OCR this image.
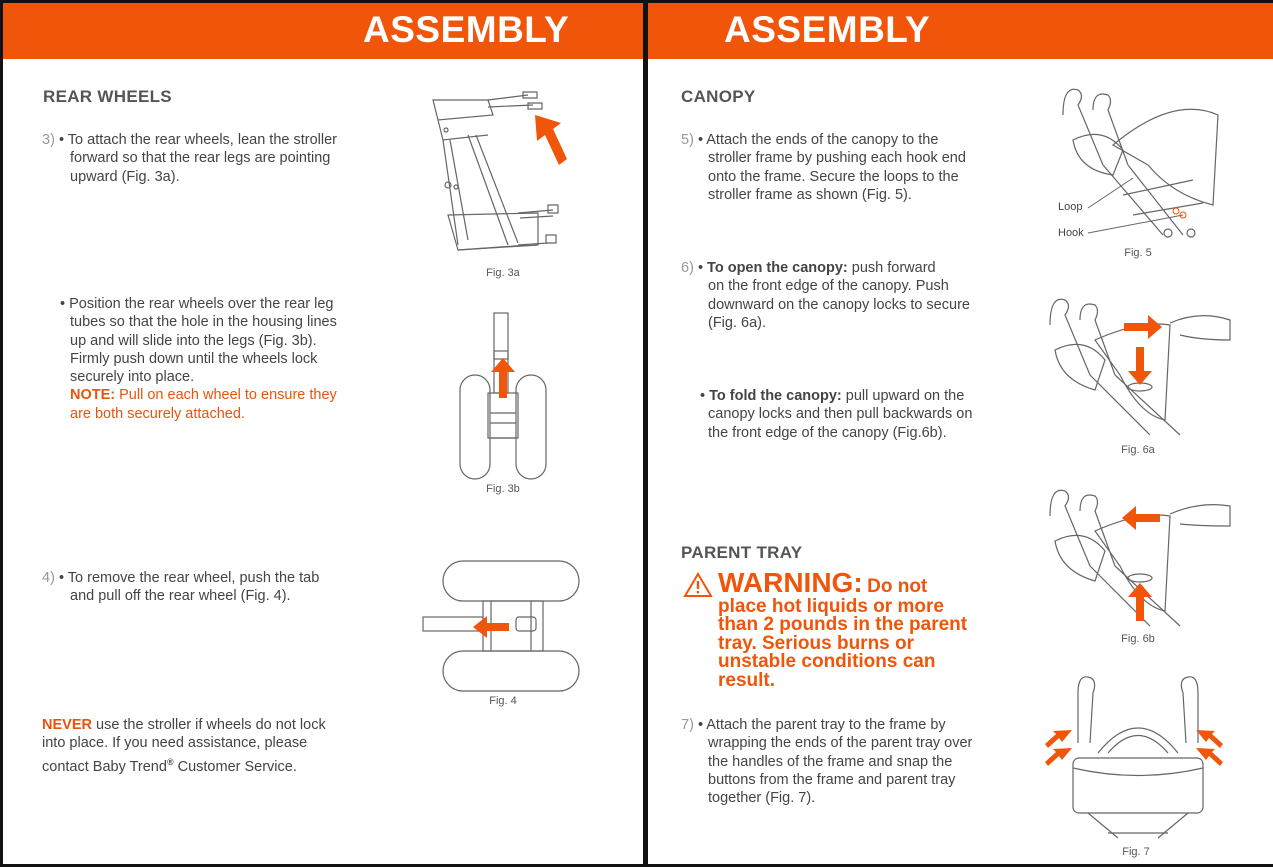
ASSEMBLY
REAR WHEELS
3) • To attach the rear wheels, lean the stroller
forward so that the rear legs are pointing
upward (Fig. 3a).
Fig. 3a
• Position the rear wheels over the rear leg
tubes so that the hole in the housing lines
up and will slide into the legs (Fig. 3b).
Firmly push down until the wheels lock
securely into place.
NOTE: Pull on each wheel to ensure they
are both securely attached.
Fig. 3b
4) • To remove the rear wheel, push the tab
and pull off the rear wheel (Fig. 4).
Fig. 4
NEVER use the stroller if wheels do not lock
into place. If you need assistance, please
contact Baby Trend® Customer Service.
ASSEMBLY
CANOPY
5) • Attach the ends of the canopy to the
stroller frame by pushing each hook end
onto the frame. Secure the loops to the
stroller frame as shown (Fig. 5).
Loop
Hook
Fig. 5
6) • To open the canopy: push forward
on the front edge of the canopy. Push
downward on the canopy locks to secure
(Fig. 6a).
Fig. 6a
• To fold the canopy: pull upward on the
canopy locks and then pull backwards on
the front edge of the canopy (Fig.6b).
Fig. 6b
PARENT TRAY
WARNING: Do not
place hot liquids or more
than 2 pounds in the parent
tray. Serious burns or
unstable conditions can
result.
7) • Attach the parent tray to the frame by
wrapping the ends of the parent tray over
the handles of the frame and snap the
buttons from the frame and parent tray
together (Fig. 7).
Fig. 7
